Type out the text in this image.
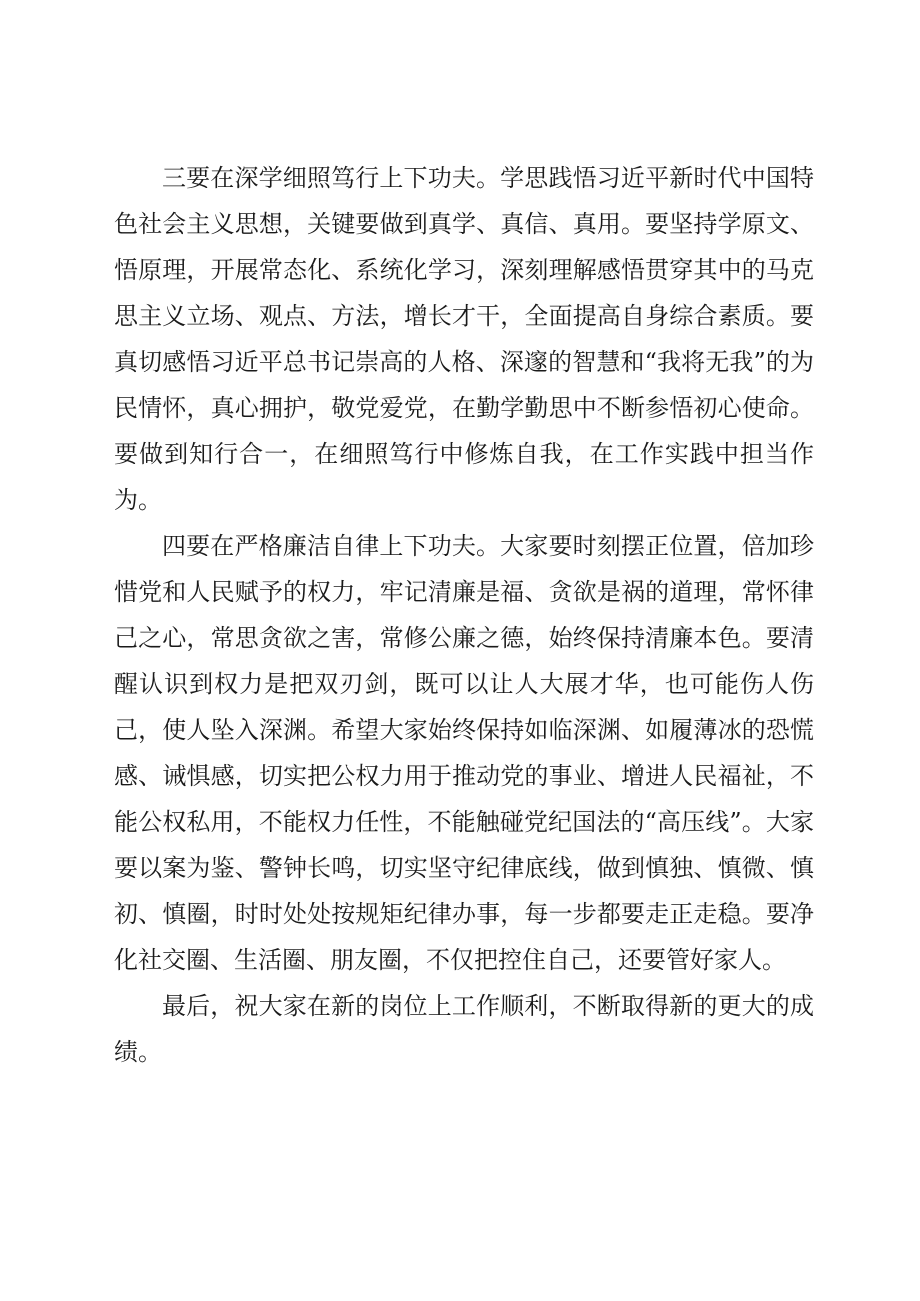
三要在深学细照笃行上下功夫。学思践悟习近平新时代中国特色社会主义思想，关键要做到真学、真信、真用。要坚持学原文、悟原理，开展常态化、系统化学习，深刻理解感悟贯穿其中的马克思主义立场、观点、方法，增长才干，全面提高自身综合素质。要真切感悟习近平总书记崇高的人格、深邃的智慧和“我将无我”的为民情怀，真心拥护，敬党爱党，在勤学勤思中不断参悟初心使命。要做到知行合一，在细照笃行中修炼自我，在工作实践中担当作为。

四要在严格廉洁自律上下功夫。大家要时刻摆正位置，倍加珍惜党和人民赋予的权力，牢记清廉是福、贪欲是祸的道理，常怀律己之心，常思贪欲之害，常修公廉之德，始终保持清廉本色。要清醒认识到权力是把双刃剑，既可以让人大展才华，也可能伤人伤己，使人坠入深渊。希望大家始终保持如临深渊、如履薄冰的恐慌感、诫惧感，切实把公权力用于推动党的事业、增进人民福祉，不能公权私用，不能权力任性，不能触碰党纪国法的“高压线”。大家要以案为鉴、警钟长鸣，切实坚守纪律底线，做到慎独、慎微、慎初、慎圈，时时处处按规矩纪律办事，每一步都要走正走稳。要净化社交圈、生活圈、朋友圈，不仅把控住自己，还要管好家人。

最后，祝大家在新的岗位上工作顺利，不断取得新的更大的成绩。
